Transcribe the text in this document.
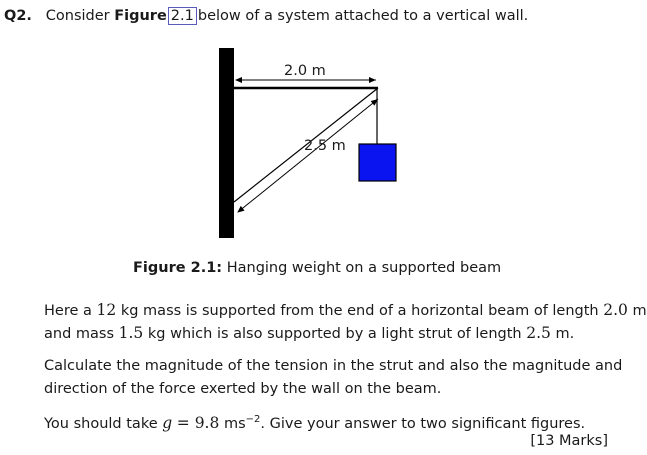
Q2. Consider Figure 2.1 below of a system attached to a vertical wall.
2.0 m
2.5 m
Figure 2.1: Hanging weight on a supported beam
Here a 12 kg mass is supported from the end of a horizontal beam of length 2.0 m
and mass 1.5 kg which is also supported by a light strut of length 2.5 m.
Calculate the magnitude of the tension in the strut and also the magnitude and
direction of the force exerted by the wall on the beam.
You should take g = 9.8 $ms^{-2}$. Give your answer to two significant figures.
[13 Marks]
